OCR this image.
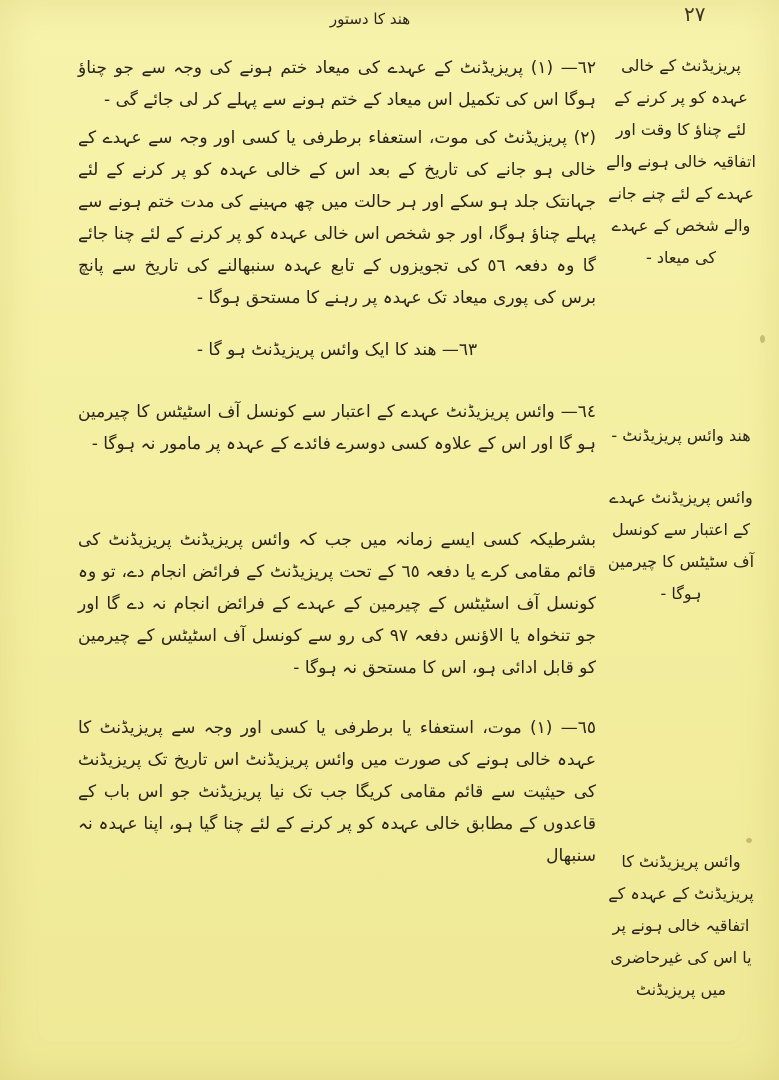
٢٧
ھند کا دستور

٦٢— (١) پریزیڈنٹ کے عہدے کی میعاد ختم ہونے کی وجہ سے جو چناؤ ہوگا اس کی تکمیل اس میعاد کے ختم ہونے سے پہلے کر لی جائے گی -

(٢) پریزیڈنٹ کی موت، استعفاء برطرفی یا کسی اور وجہ سے عہدے کے خالی ہو جانے کی تاریخ کے بعد اس کے خالی عہدہ کو پر کرنے کے لئے جہانتک جلد ہو سکے اور ہر حالت میں چھ مہینے کی مدت ختم ہونے سے پہلے چناؤ ہوگا، اور جو شخص اس خالی عہدہ کو پر کرنے کے لئے چنا جائے گا وہ دفعہ ٥٦ کی تجویزوں کے تابع عہدہ سنبھالنے کی تاریخ سے پانچ برس کی پوری میعاد تک عہدہ پر رہنے کا مستحق ہوگا -

٦٣— ھند کا ایک وائس پریزیڈنٹ ہو گا -

٦٤— وائس پریزیڈنٹ عہدے کے اعتبار سے کونسل آف اسٹیٹس کا چیرمین ہو گا اور اس کے علاوہ کسی دوسرے فائدے کے عہدہ پر مامور نہ ہوگا -

بشرطیکہ کسی ایسے زمانہ میں جب کہ وائس پریزیڈنٹ پریزیڈنٹ کی قائم مقامی کرے یا دفعہ ٦٥ کے تحت پریزیڈنٹ کے فرائض انجام دے، تو وہ کونسل آف اسٹیٹس کے چیرمین کے عہدے کے فرائض انجام نہ دے گا اور جو تنخواہ یا الاؤنس دفعہ ٩٧ کی رو سے کونسل آف اسٹیٹس کے چیرمین کو قابل ادائی ہو، اس کا مستحق نہ ہوگا -

٦٥— (١) موت، استعفاء یا برطرفی یا کسی اور وجہ سے پریزیڈنٹ کا عہدہ خالی ہونے کی صورت میں وائس پریزیڈنٹ اس تاریخ تک پریزیڈنٹ کی حیثیت سے قائم مقامی کریگا جب تک نیا پریزیڈنٹ جو اس باب کے قاعدوں کے مطابق خالی عہدہ کو پر کرنے کے لئے چنا گیا ہو، اپنا عہدہ نہ سنبھال

پریزیڈنٹ کے خالی عہدہ کو پر کرنے کے لئے چناؤ کا وقت اور اتفاقیہ خالی ہونے والے عہدے کے لئے چنے جانے والے شخص کے عہدے کی میعاد -
ھند وائس پریزیڈنٹ -
وائس پریزیڈنٹ عہدے کے اعتبار سے کونسل آف سٹیٹس کا چیرمین ہوگا -
وائس پریزیڈنٹ کا پریزیڈنٹ کے عہدہ کے اتفاقیہ خالی ہونے پر یا اس کی غیرحاضری میں پریزیڈنٹ
